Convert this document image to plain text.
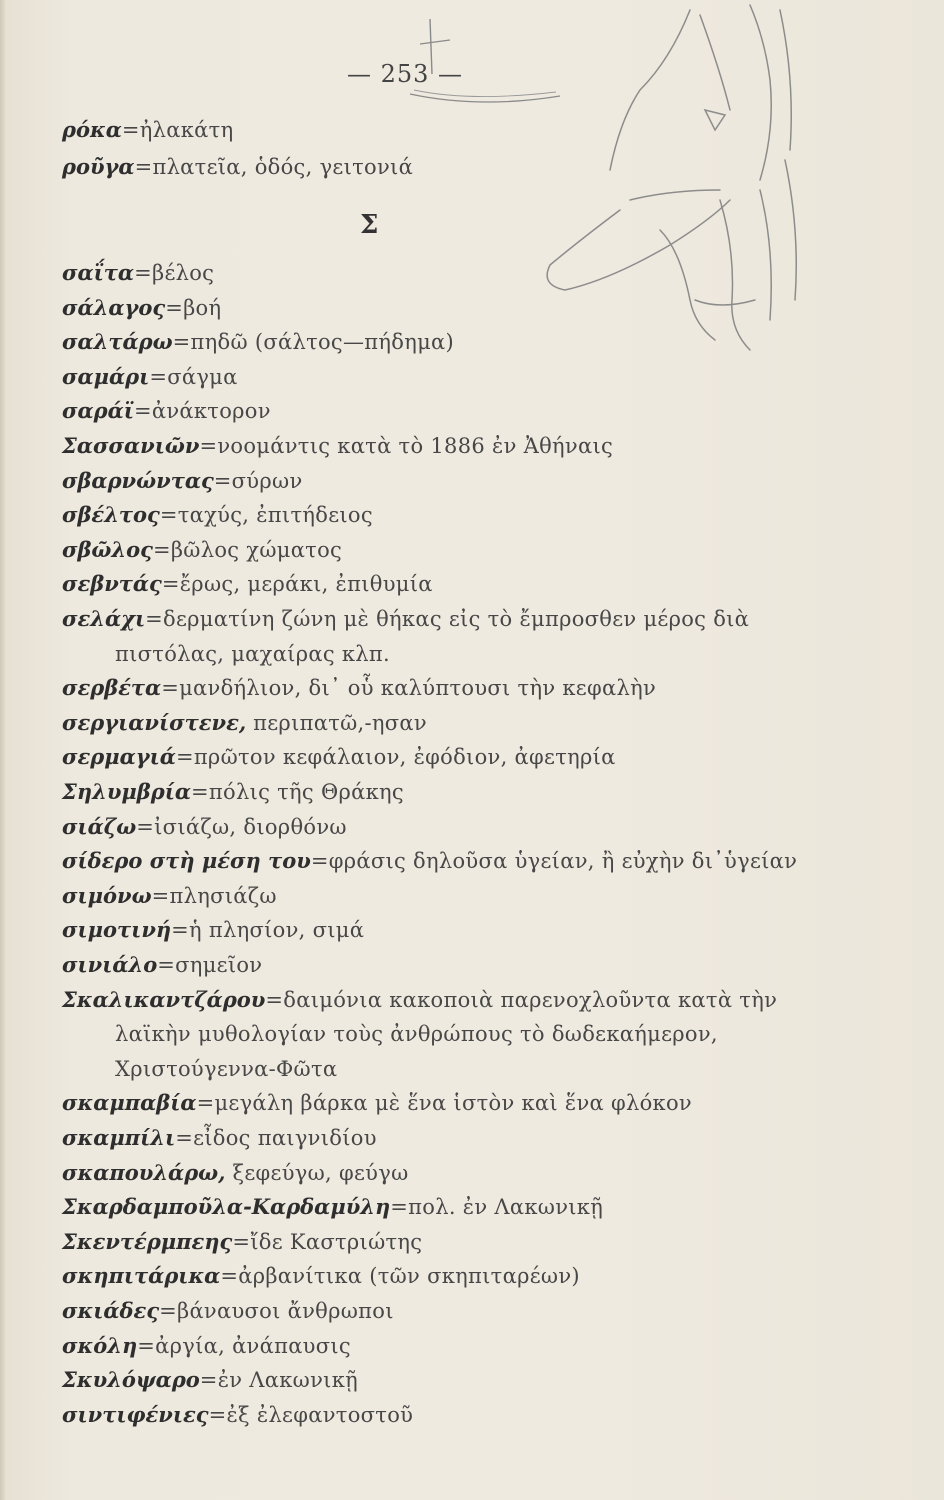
— 253 —
ρόκα=ἠλακάτη
ροῦγα=πλατεῖα, ὁδός, γειτονιά
Σ
σαΐτα=βέλος
σάλαγος=βοή
σαλτάρω=πηδῶ (σάλτος—πήδημα)
σαμάρι=σάγμα
σαράϊ=ἀνάκτορον
Σασσανιῶν=νοομάντις κατὰ τὸ 1886 ἐν Ἀθήναις
σβαρνώντας=σύρων
σβέλτος=ταχύς, ἐπιτήδειος
σβῶλος=βῶλος χώματος
σεβντάς=ἔρως, μεράκι, ἐπιθυμία
σελάχι=δερματίνη ζώνη μὲ θήκας εἰς τὸ ἔμπροσθεν μέρος διὰ
πιστόλας, μαχαίρας κλπ.
σερβέτα=μανδήλιον, δι᾽ οὗ καλύπτουσι τὴν κεφαλὴν
σεργιανίστενε, περιπατῶ,-ησαν
σερμαγιά=πρῶτον κεφάλαιον, ἐφόδιον, ἀφετηρία
Σηλυμβρία=πόλις τῆς Θράκης
σιάζω=ἰσιάζω, διορθόνω
σίδερο στὴ μέση του=φράσις δηλοῦσα ὑγείαν, ἢ εὐχὴν δι᾽ὑγείαν
σιμόνω=πλησιάζω
σιμοτινή=ἡ πλησίον, σιμά
σινιάλο=σημεῖον
Σκαλικαντζάρου=δαιμόνια κακοποιὰ παρενοχλοῦντα κατὰ τὴν
λαϊκὴν μυθολογίαν τοὺς ἀνθρώπους τὸ δωδεκαήμερον,
Χριστούγεννα-Φῶτα
σκαμπαβία=μεγάλη βάρκα μὲ ἕνα ἱστὸν καὶ ἕνα φλόκον
σκαμπίλι=εἶδος παιγνιδίου
σκαπουλάρω, ξεφεύγω, φεύγω
Σκαρδαμποῦλα-Καρδαμύλη=πολ. ἐν Λακωνικῇ
Σκεντέρμπεης=ἴδε Καστριώτης
σκηπιτάρικα=ἀρβανίτικα (τῶν σκηπιταρέων)
σκιάδες=βάναυσοι ἄνθρωποι
σκόλη=ἀργία, ἀνάπαυσις
Σκυλόψαρο=ἐν Λακωνικῇ
σιντιφένιες=ἐξ ἐλεφαντοστοῦ
